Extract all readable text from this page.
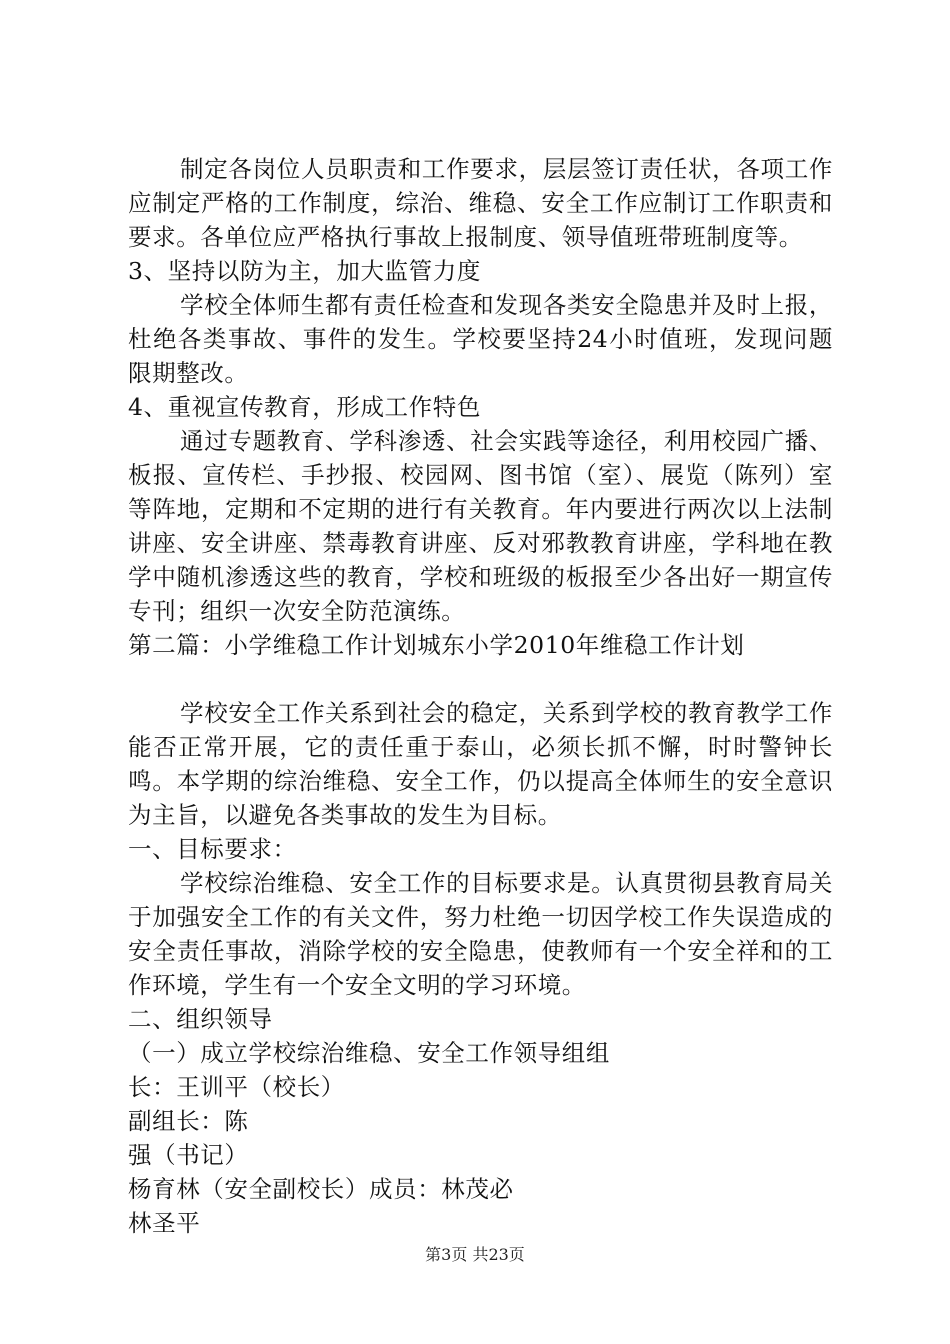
制定各岗位人员职责和工作要求，层层签订责任状，各项工作应制定严格的工作制度，综治、维稳、安全工作应制订工作职责和要求。各单位应严格执行事故上报制度、领导值班带班制度等。

3、坚持以防为主，加大监管力度

学校全体师生都有责任检查和发现各类安全隐患并及时上报，杜绝各类事故、事件的发生。学校要坚持24小时值班，发现问题限期整改。

4、重视宣传教育，形成工作特色

通过专题教育、学科渗透、社会实践等途径，利用校园广播、板报、宣传栏、手抄报、校园网、图书馆（室）、展览（陈列）室等阵地，定期和不定期的进行有关教育。年内要进行两次以上法制讲座、安全讲座、禁毒教育讲座、反对邪教教育讲座，学科地在教学中随机渗透这些的教育，学校和班级的板报至少各出好一期宣传专刊；组织一次安全防范演练。

第二篇：小学维稳工作计划城东小学2010年维稳工作计划

学校安全工作关系到社会的稳定，关系到学校的教育教学工作能否正常开展，它的责任重于泰山，必须长抓不懈，时时警钟长鸣。本学期的综治维稳、安全工作，仍以提高全体师生的安全意识为主旨，以避免各类事故的发生为目标。

一、目标要求：

学校综治维稳、安全工作的目标要求是。认真贯彻县教育局关于加强安全工作的有关文件，努力杜绝一切因学校工作失误造成的安全责任事故，消除学校的安全隐患，使教师有一个安全祥和的工作环境，学生有一个安全文明的学习环境。

二、组织领导

（一）成立学校综治维稳、安全工作领导组组

长：王训平（校长）

副组长：陈

强（书记）

杨育林（安全副校长）成员：林茂必

林圣平

第3页 共23页
